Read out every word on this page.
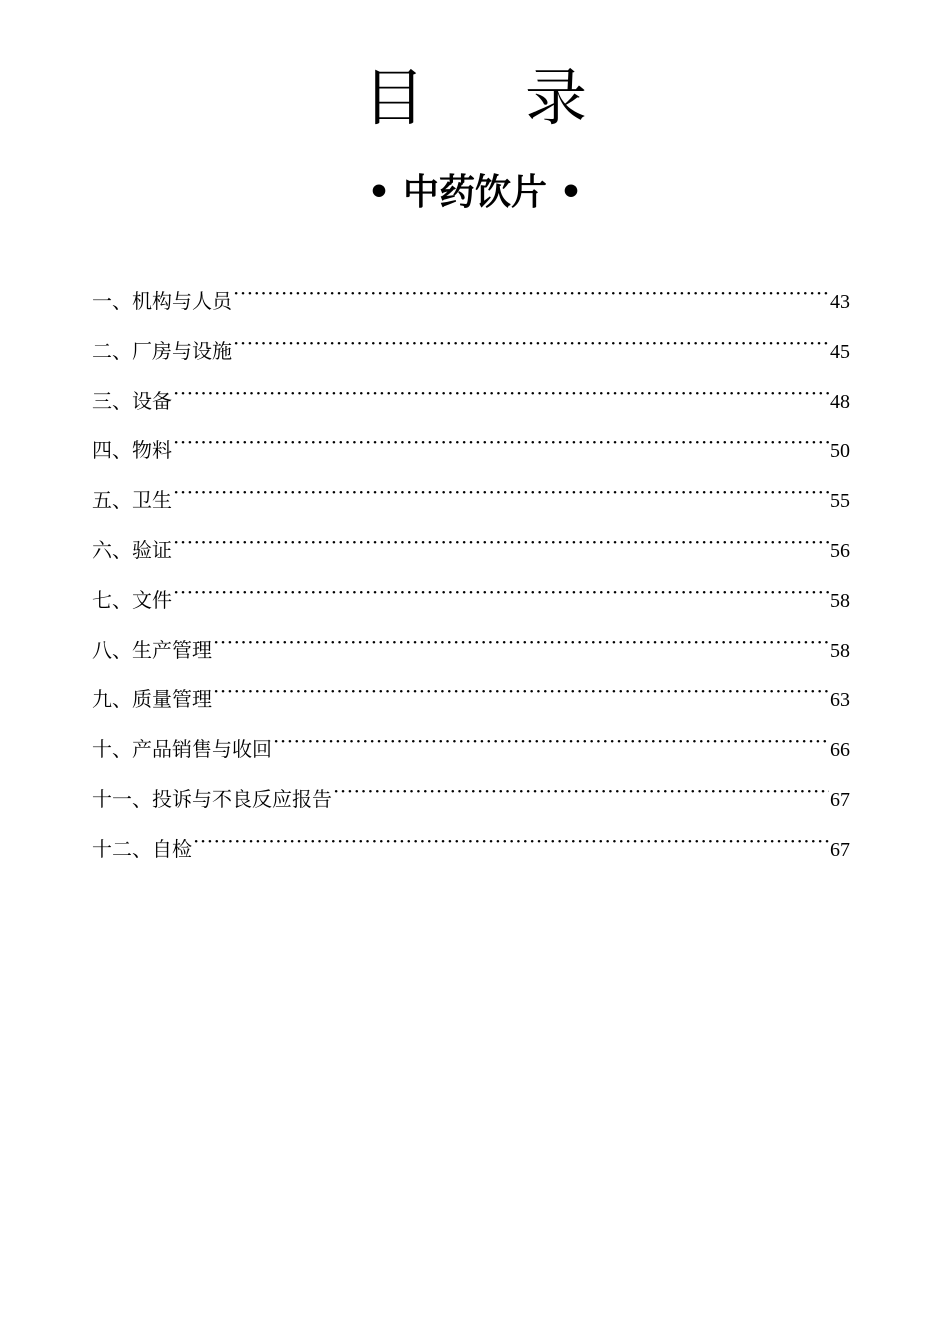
目 录
• 中药饮片 •
一、机构与人员 ·····	43
二、厂房与设施 ·····	45
三、设备 ·····	48
四、物料 ·····	50
五、卫生 ·····	55
六、验证 ·····	56
七、文件 ·····	58
八、生产管理 ·····	58
九、质量管理 ·····	63
十、产品销售与收回 ·····	66
十一、投诉与不良反应报告 ·····	67
十二、自检 ·····	67
